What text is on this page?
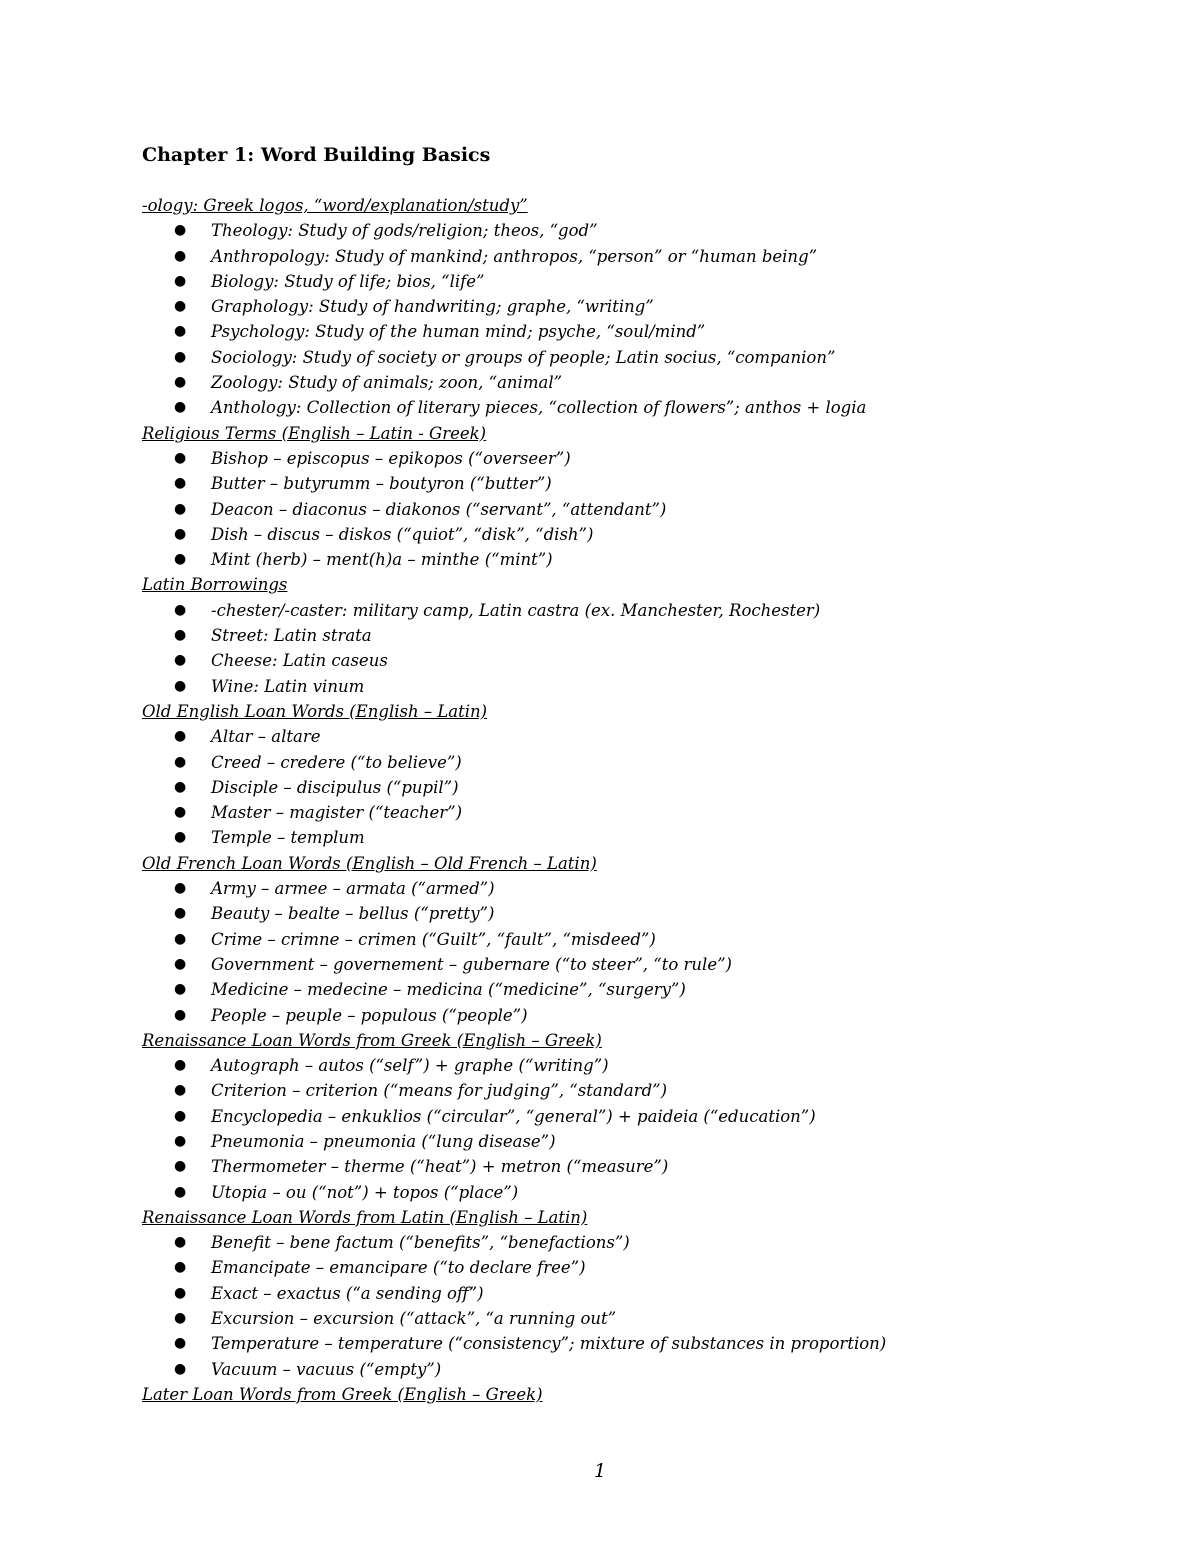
Chapter 1: Word Building Basics
-ology: Greek logos, “word/explanation/study”
● Theology: Study of gods/religion; theos, “god”
● Anthropology: Study of mankind; anthropos, “person” or “human being”
● Biology: Study of life; bios, “life”
● Graphology: Study of handwriting; graphe, “writing”
● Psychology: Study of the human mind; psyche, “soul/mind”
● Sociology: Study of society or groups of people; Latin socius, “companion”
● Zoology: Study of animals; zoon, “animal”
● Anthology: Collection of literary pieces, “collection of flowers”; anthos + logia
Religious Terms (English – Latin - Greek)
● Bishop – episcopus – epikopos (“overseer”)
● Butter – butyrumm – boutyron (“butter”)
● Deacon – diaconus – diakonos (“servant”, “attendant”)
● Dish – discus – diskos (“quiot”, “disk”, “dish”)
● Mint (herb) – ment(h)a – minthe (“mint”)
Latin Borrowings
● -chester/-caster: military camp, Latin castra (ex. Manchester, Rochester)
● Street: Latin strata
● Cheese: Latin caseus
● Wine: Latin vinum
Old English Loan Words (English – Latin)
● Altar – altare
● Creed – credere (“to believe”)
● Disciple – discipulus (“pupil”)
● Master – magister (“teacher”)
● Temple – templum
Old French Loan Words (English – Old French – Latin)
● Army – armee – armata (“armed”)
● Beauty – bealte – bellus (“pretty”)
● Crime – crimne – crimen (“Guilt”, “fault”, “misdeed”)
● Government – governement – gubernare (“to steer”, “to rule”)
● Medicine – medecine – medicina (“medicine”, “surgery”)
● People – peuple – populous (“people”)
Renaissance Loan Words from Greek (English – Greek)
● Autograph – autos (“self”) + graphe (“writing”)
● Criterion – criterion (“means for judging”, “standard”)
● Encyclopedia – enkuklios (“circular”, “general”) + paideia (“education”)
● Pneumonia – pneumonia (“lung disease”)
● Thermometer – therme (“heat”) + metron (“measure”)
● Utopia – ou (“not”) + topos (“place”)
Renaissance Loan Words from Latin (English – Latin)
● Benefit – bene factum (“benefits”, “benefactions”)
● Emancipate – emancipare (“to declare free”)
● Exact – exactus (“a sending off”)
● Excursion – excursion (“attack”, “a running out”
● Temperature – temperature (“consistency”; mixture of substances in proportion)
● Vacuum – vacuus (“empty”)
Later Loan Words from Greek (English – Greek)
1
